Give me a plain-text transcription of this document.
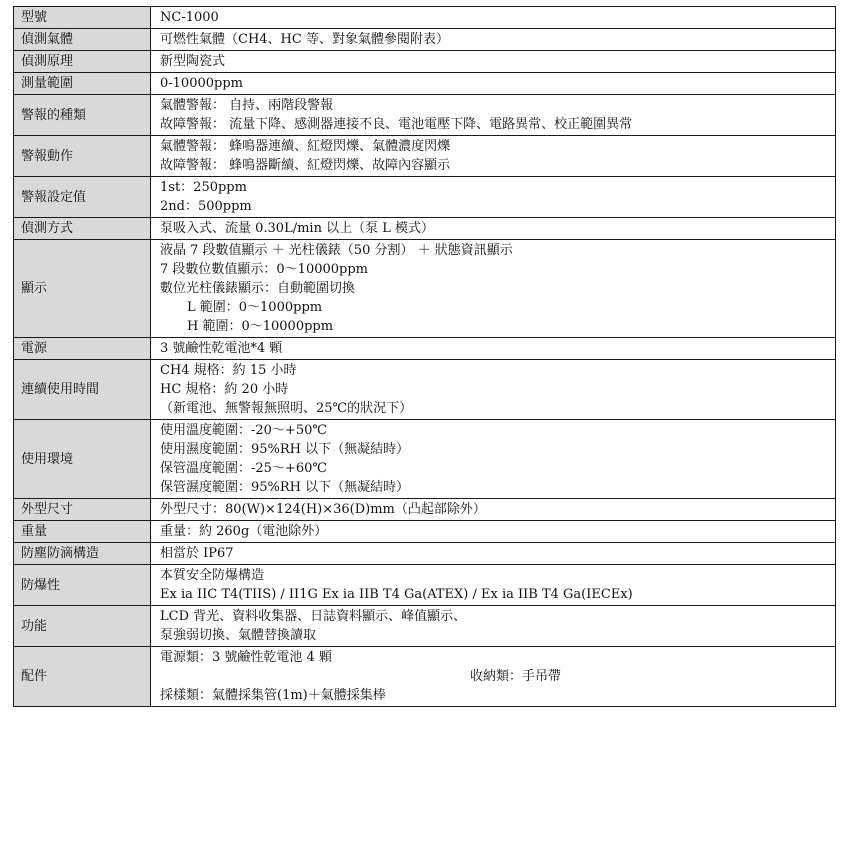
型號	NC-1000

偵測氣體	可燃性氣體（CH4、HC 等、對象氣體參閱附表）

偵測原理	新型陶瓷式

測量範圍	0-10000ppm

警報的種類	氣體警報： 自持、兩階段警報
故障警報： 流量下降、感測器連接不良、電池電壓下降、電路異常、校正範圍異常

警報動作	氣體警報： 蜂鳴器連續、紅燈閃爍、氣體濃度閃爍
故障警報： 蜂鳴器斷續、紅燈閃爍、故障內容顯示

警報設定值	1st：250ppm
2nd：500ppm

偵測方式	泵吸入式、流量 0.30L/min 以上（泵 L 模式）

顯示	液晶 7 段數值顯示 ＋ 光柱儀錶（50 分割） ＋ 狀態資訊顯示
7 段數位數值顯示：0～10000ppm
數位光柱儀錶顯示：自動範圍切換
L 範圍：0～1000ppm
H 範圍：0～10000ppm

電源	3 號鹼性乾電池*4 顆

連續使用時間	CH4 規格：約 15 小時
HC 規格：約 20 小時
（新電池、無警報無照明、25℃的狀況下）

使用環境	使用溫度範圍：-20～+50℃
使用濕度範圍：95%RH 以下（無凝結時）
保管溫度範圍：-25～+60℃
保管濕度範圍：95%RH 以下（無凝結時）

外型尺寸	外型尺寸：80(W)×124(H)×36(D)mm（凸起部除外）

重量	重量：約 260g（電池除外）

防塵防滴構造	相當於 IP67

防爆性	本質安全防爆構造
Ex ia IIC T4(TIIS) / II1G Ex ia IIB T4 Ga(ATEX) / Ex ia IIB T4 Ga(IECEx)

功能	LCD 背光、資料收集器、日誌資料顯示、峰值顯示、
泵強弱切換、氣體替換讀取

配件	電源類：3 號鹼性乾電池 4 顆
收納類：手吊帶
採樣類：氣體採集管(1m)＋氣體採集棒
